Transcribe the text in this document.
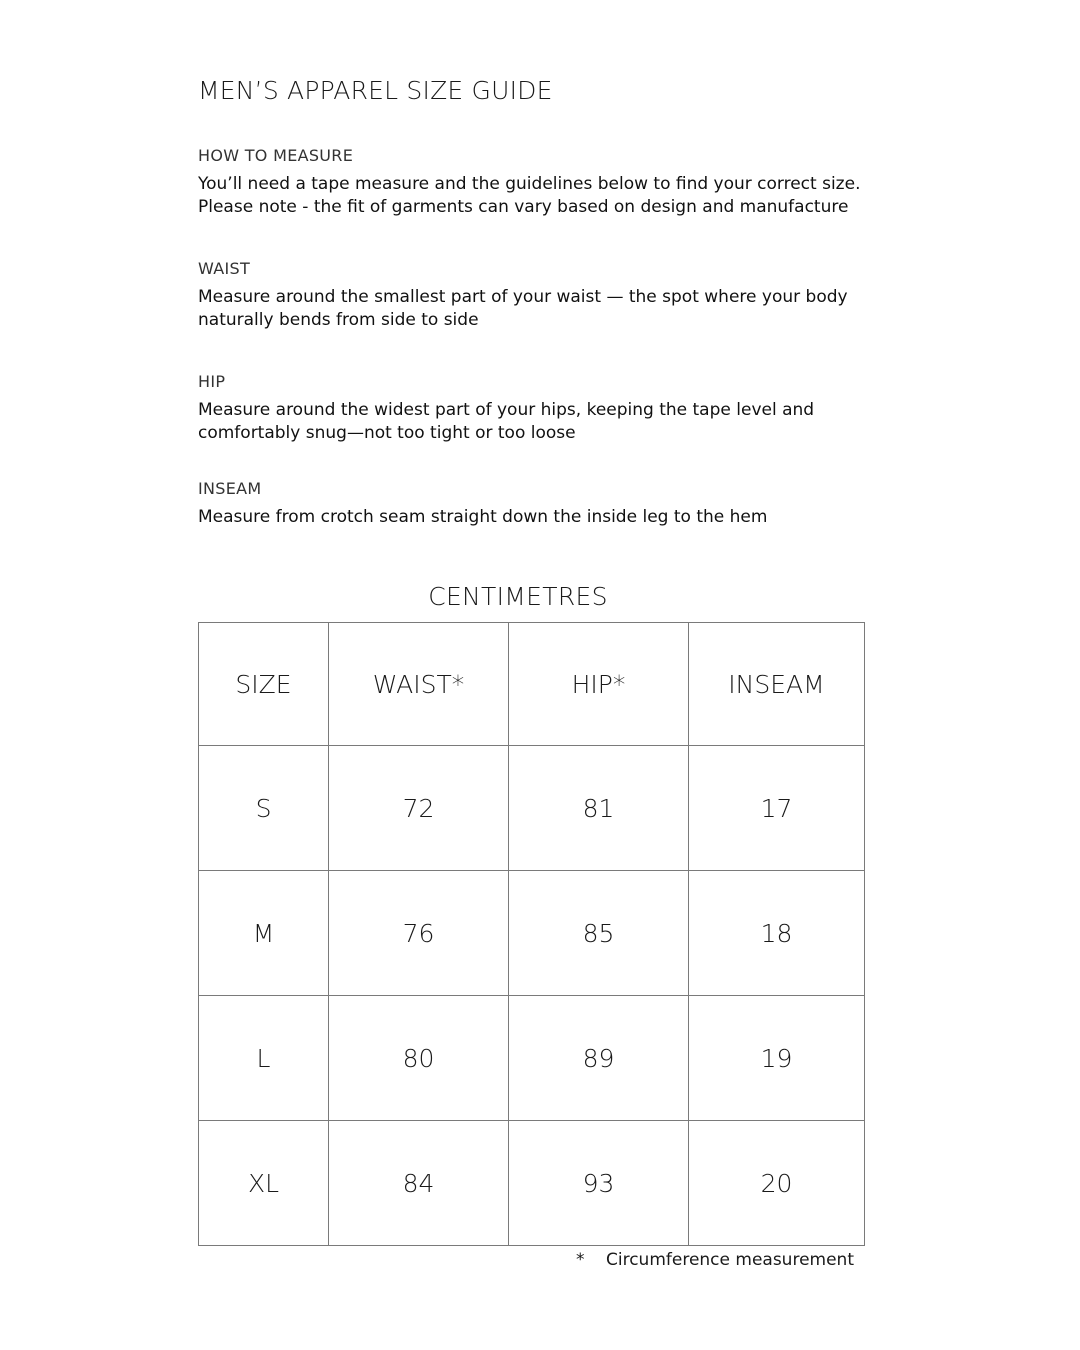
MEN’S APPAREL SIZE GUIDE
HOW TO MEASURE
You’ll need a tape measure and the guidelines below to find your correct size.
Please note - the fit of garments can vary based on design and manufacture
WAIST
Measure around the smallest part of your waist — the spot where your body
naturally bends from side to side
HIP
Measure around the widest part of your hips, keeping the tape level and
comfortably snug—not too tight or too loose
INSEAM
Measure from crotch seam straight down the inside leg to the hem
CENTIMETRES
SIZE	WAIST*	HIP*	INSEAM
S	72	81	17
M	76	85	18
L	80	89	19
XL	84	93	20
* Circumference measurement
